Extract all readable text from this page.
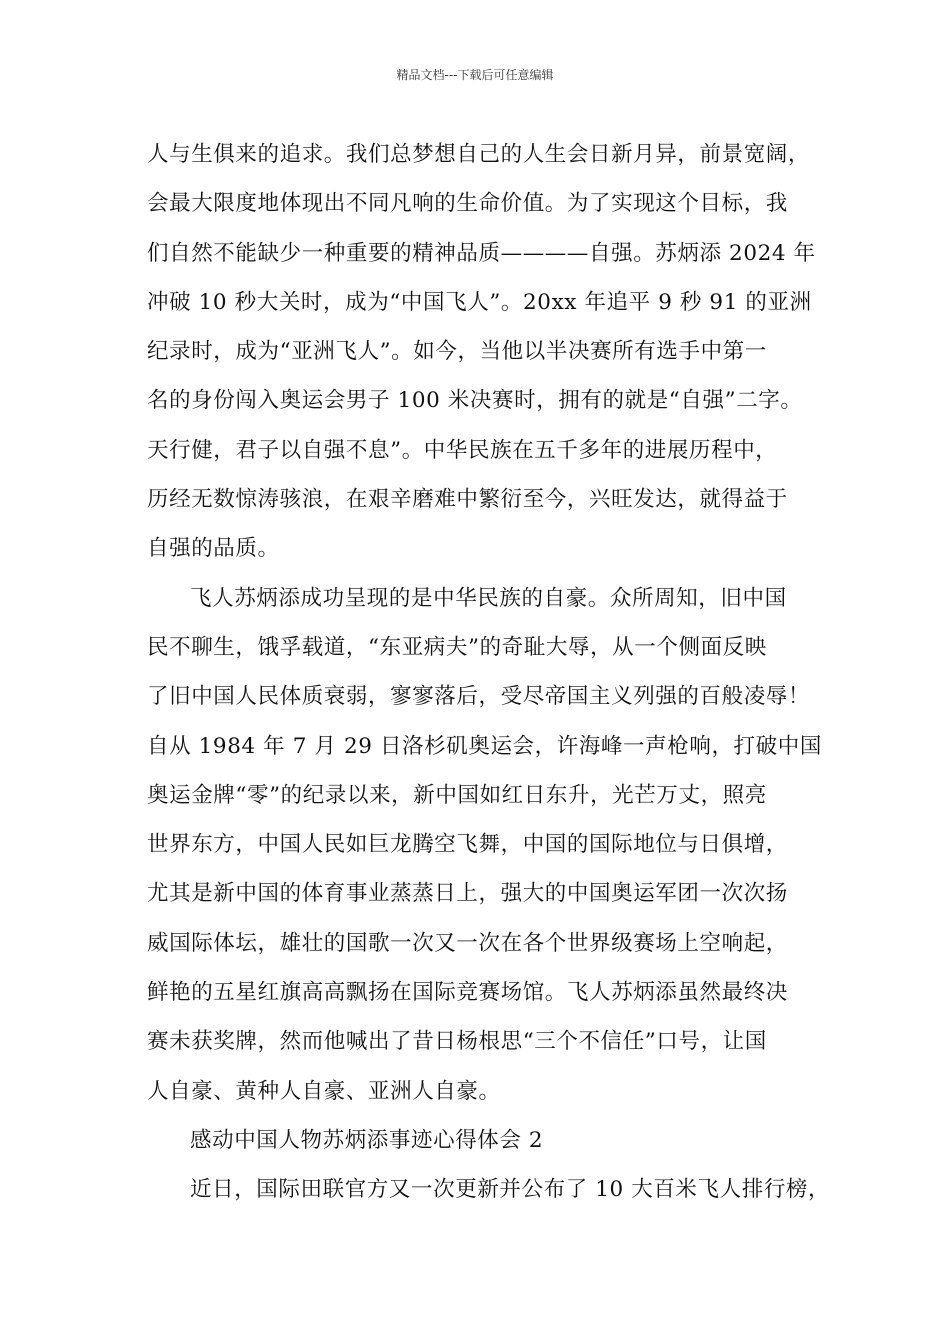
精品文档---下载后可任意编辑
人与生俱来的追求。我们总梦想自己的人生会日新月异，前景宽阔，
会最大限度地体现出不同凡响的生命价值。为了实现这个目标，我
们自然不能缺少一种重要的精神品质————自强。苏炳添 2024 年
冲破 10 秒大关时，成为“中国飞人”。20xx 年追平 9 秒 91 的亚洲
纪录时，成为“亚洲飞人”。如今，当他以半决赛所有选手中第一
名的身份闯入奥运会男子 100 米决赛时，拥有的就是“自强”二字。
天行健，君子以自强不息”。中华民族在五千多年的进展历程中，
历经无数惊涛骇浪，在艰辛磨难中繁衍至今，兴旺发达，就得益于
自强的品质。
飞人苏炳添成功呈现的是中华民族的自豪。众所周知，旧中国
民不聊生，饿孚载道，“东亚病夫”的奇耻大辱，从一个侧面反映
了旧中国人民体质衰弱，寥寥落后，受尽帝国主义列强的百般凌辱！
自从 1984 年 7 月 29 日洛杉矶奥运会，许海峰一声枪响，打破中国
奥运金牌“零”的纪录以来，新中国如红日东升，光芒万丈，照亮
世界东方，中国人民如巨龙腾空飞舞，中国的国际地位与日俱增，
尤其是新中国的体育事业蒸蒸日上，强大的中国奥运军团一次次扬
威国际体坛，雄壮的国歌一次又一次在各个世界级赛场上空响起，
鲜艳的五星红旗高高飘扬在国际竞赛场馆。飞人苏炳添虽然最终决
赛未获奖牌，然而他喊出了昔日杨根思“三个不信任”口号，让国
人自豪、黄种人自豪、亚洲人自豪。
感动中国人物苏炳添事迹心得体会 2
近日，国际田联官方又一次更新并公布了 10 大百米飞人排行榜，
